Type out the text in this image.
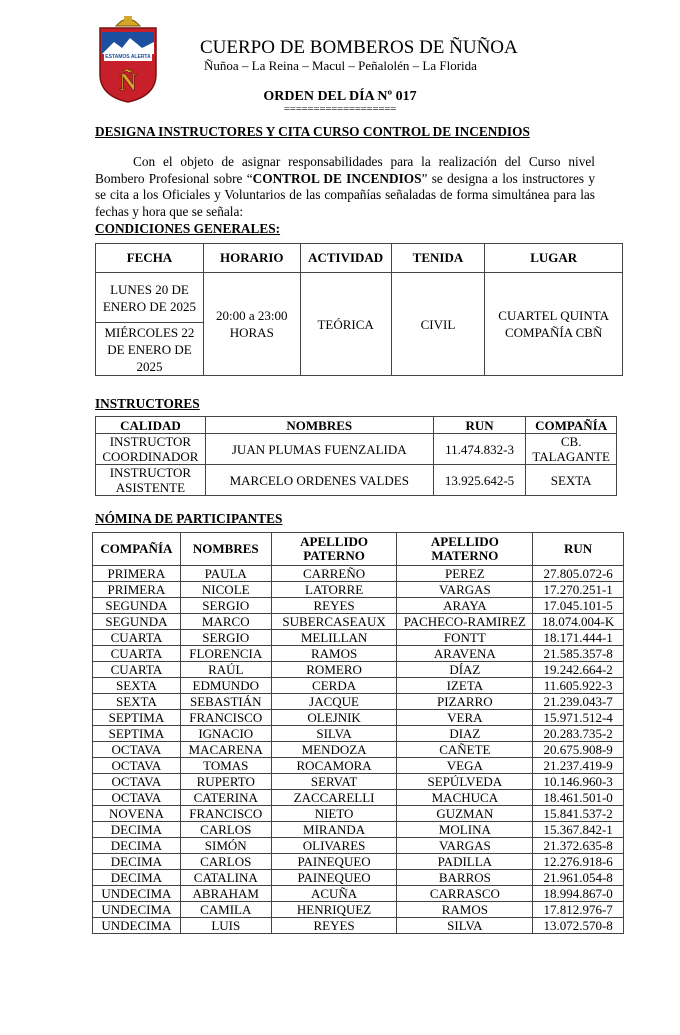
Ñ
ESTAMOS ALERTA	CUERPO DE BOMBEROS DE ÑUÑOA
Ñuñoa – La Reina – Macul – Peñalolén – La Florida
ORDEN DEL DÍA Nº 017
===================
DESIGNA INSTRUCTORES Y CITA CURSO CONTROL DE INCENDIOS
Con el objeto de asignar responsabilidades para la realización del Curso nivel Bombero Profesional sobre “CONTROL DE INCENDIOS” se designa a los instructores y se cita a los Oficiales y Voluntarios de las compañías señaladas de forma simultánea para las fechas y hora que se señala:
CONDICIONES GENERALES:
FECHA	HORARIO	ACTIVIDAD	TENIDA	LUGAR
LUNES 20 DE ENERO DE 2025	20:00 a 23:00 HORAS	TEÓRICA	CIVIL	CUARTEL QUINTA COMPAÑÍA CBÑ
MIÉRCOLES 22 DE ENERO DE 2025				
INSTRUCTORES
CALIDAD	NOMBRES	RUN	COMPAÑÍA
INSTRUCTOR COORDINADOR	JUAN PLUMAS FUENZALIDA	11.474.832-3	CB. TALAGANTE
INSTRUCTOR ASISTENTE	MARCELO ORDENES VALDES	13.925.642-5	SEXTA
NÓMINA DE PARTICIPANTES
COMPAÑÍA	NOMBRES	APELLIDO PATERNO	APELLIDO MATERNO	RUN
PRIMERA	PAULA	CARREÑO	PEREZ	27.805.072-6
PRIMERA	NICOLE	LATORRE	VARGAS	17.270.251-1
SEGUNDA	SERGIO	REYES	ARAYA	17.045.101-5
SEGUNDA	MARCO	SUBERCASEAUX	PACHECO-RAMIREZ	18.074.004-K
CUARTA	SERGIO	MELILLAN	FONTT	18.171.444-1
CUARTA	FLORENCIA	RAMOS	ARAVENA	21.585.357-8
CUARTA	RAÚL	ROMERO	DÍAZ	19.242.664-2
SEXTA	EDMUNDO	CERDA	IZETA	11.605.922-3
SEXTA	SEBASTIÁN	JACQUE	PIZARRO	21.239.043-7
SEPTIMA	FRANCISCO	OLEJNIK	VERA	15.971.512-4
SEPTIMA	IGNACIO	SILVA	DIAZ	20.283.735-2
OCTAVA	MACARENA	MENDOZA	CAÑETE	20.675.908-9
OCTAVA	TOMAS	ROCAMORA	VEGA	21.237.419-9
OCTAVA	RUPERTO	SERVAT	SEPÚLVEDA	10.146.960-3
OCTAVA	CATERINA	ZACCARELLI	MACHUCA	18.461.501-0
NOVENA	FRANCISCO	NIETO	GUZMAN	15.841.537-2
DECIMA	CARLOS	MIRANDA	MOLINA	15.367.842-1
DECIMA	SIMÓN	OLIVARES	VARGAS	21.372.635-8
DECIMA	CARLOS	PAINEQUEO	PADILLA	12.276.918-6
DECIMA	CATALINA	PAINEQUEO	BARROS	21.961.054-8
UNDECIMA	ABRAHAM	ACUÑA	CARRASCO	18.994.867-0
UNDECIMA	CAMILA	HENRIQUEZ	RAMOS	17.812.976-7
UNDECIMA	LUIS	REYES	SILVA	13.072.570-8
